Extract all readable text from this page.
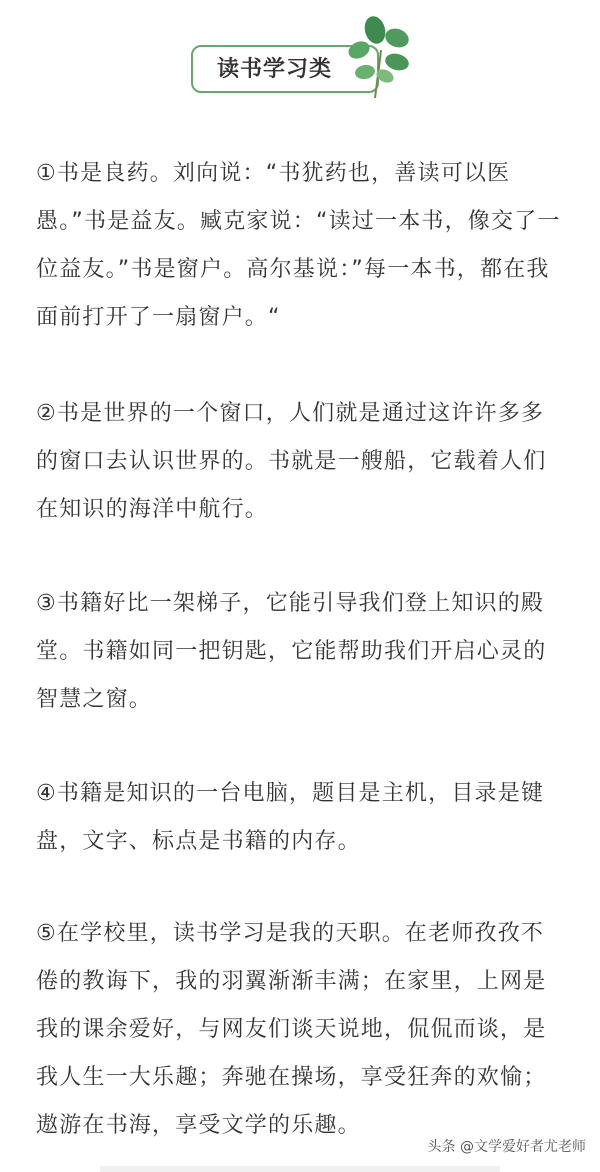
读书学习类

①书是良药。刘向说：“书犹药也，善读可以医愚。”书是益友。臧克家说：“读过一本书，像交了一位益友。”书是窗户。高尔基说：”每一本书，都在我面前打开了一扇窗户。“

②书是世界的一个窗口，人们就是通过这许许多多的窗口去认识世界的。书就是一艘船，它载着人们在知识的海洋中航行。

③书籍好比一架梯子，它能引导我们登上知识的殿堂。书籍如同一把钥匙，它能帮助我们开启心灵的智慧之窗。

④书籍是知识的一台电脑，题目是主机，目录是键盘，文字、标点是书籍的内存。

⑤在学校里，读书学习是我的天职。在老师孜孜不倦的教诲下，我的羽翼渐渐丰满；在家里，上网是我的课余爱好，与网友们谈天说地，侃侃而谈，是我人生一大乐趣；奔驰在操场，享受狂奔的欢愉；遨游在书海，享受文学的乐趣。

头条 @文学爱好者尤老师
